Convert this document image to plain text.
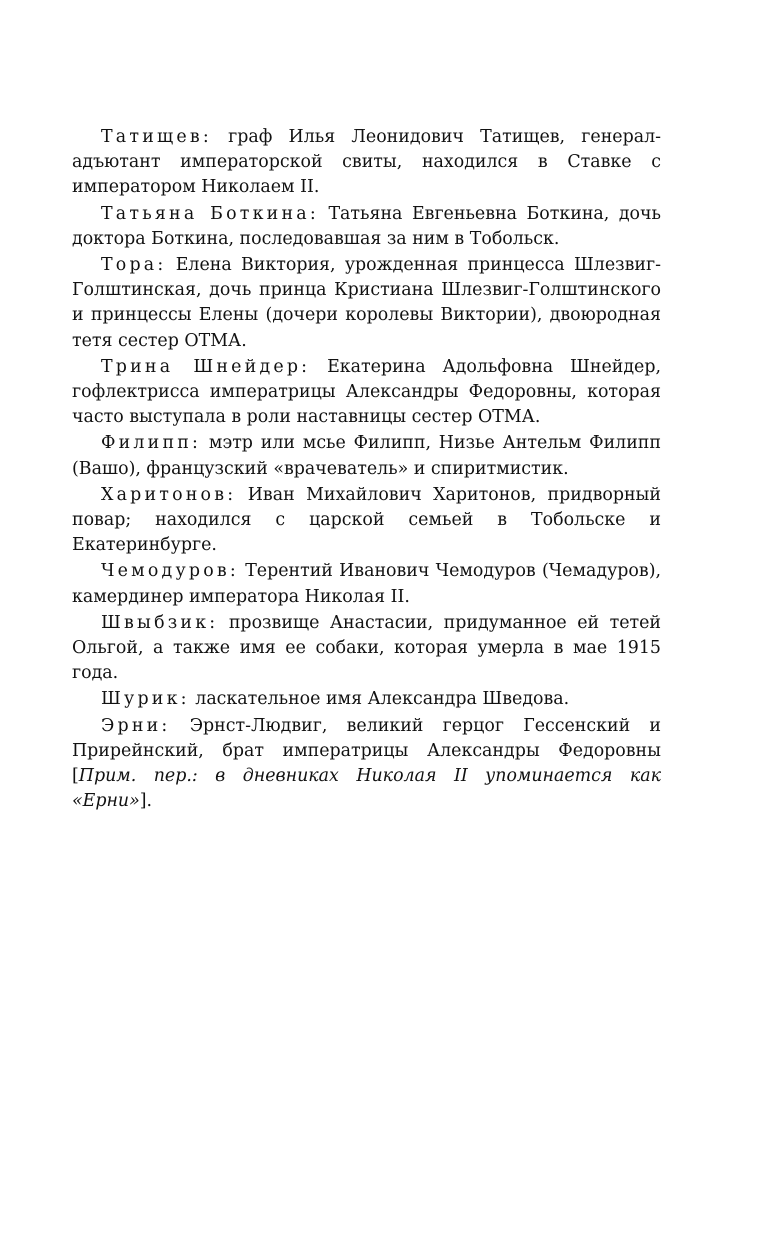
Татищев: граф Илья Леонидович Татищев, генерал-адъютант императорской свиты, находился в Ставке с императором Николаем II.

Татьяна Боткина: Татьяна Евгеньевна Боткина, дочь доктора Боткина, последовавшая за ним в Тобольск.

Тора: Елена Виктория, урожденная принцесса Шлезвиг-Голштинская, дочь принца Кристиана Шлезвиг-Голштинского и принцессы Елены (дочери королевы Виктории), двоюродная тетя сестер ОТМА.

Трина Шнейдер: Екатерина Адольфовна Шнейдер, гофлектрисса императрицы Александры Федоровны, которая часто выступала в роли наставницы сестер ОТМА.

Филипп: мэтр или мсье Филипп, Низье Антельм Филипп (Вашо), французский «врачеватель» и спиритмистик.

Харитонов: Иван Михайлович Харитонов, придворный повар; находился с царской семьей в Тобольске и Екатеринбурге.

Чемодуров: Терентий Иванович Чемодуров (Чемадуров), камердинер императора Николая II.

Швыбзик: прозвище Анастасии, придуманное ей тетей Ольгой, а также имя ее собаки, которая умерла в мае 1915 года.

Шурик: ласкательное имя Александра Шведова.

Эрни: Эрнст-Людвиг, великий герцог Гессенский и Прирейнский, брат императрицы Александры Федоровны [Прим. пер.: в дневниках Николая II упоминается как «Ерни»].
